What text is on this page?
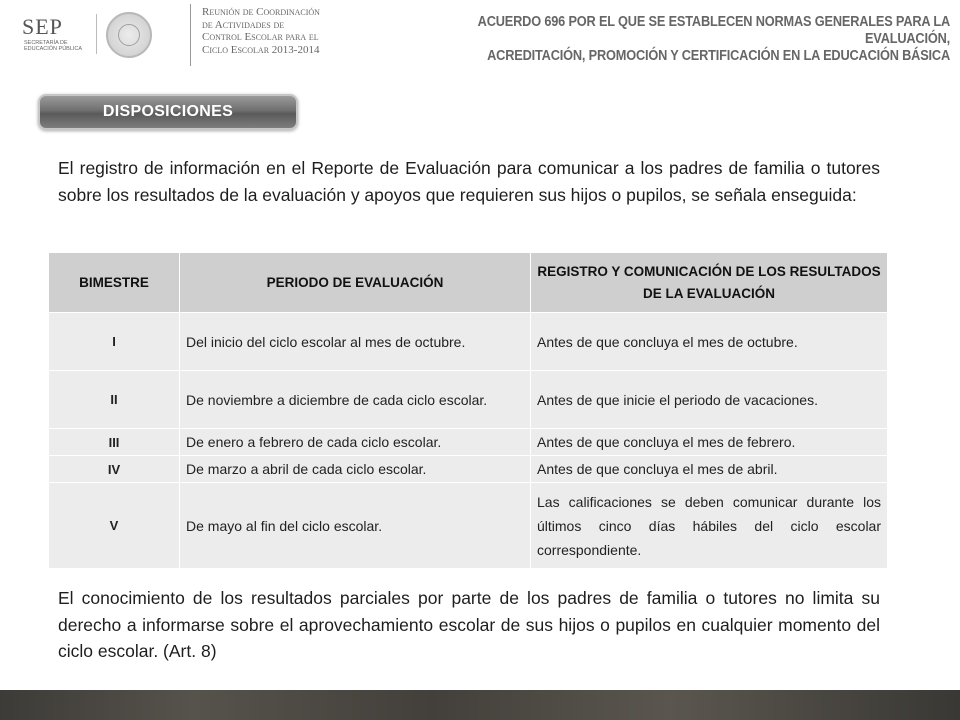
SEP
SECRETARÍA DE EDUCACIÓN PÚBLICA
Reunión de Coordinación
de Actividades de
Control Escolar para el
Ciclo Escolar 2013-2014
ACUERDO 696 POR EL QUE SE ESTABLECEN NORMAS GENERALES PARA LA EVALUACIÓN,
ACREDITACIÓN, PROMOCIÓN Y CERTIFICACIÓN EN LA EDUCACIÓN BÁSICA
DISPOSICIONES

El registro de información en el Reporte de Evaluación para comunicar a los padres de familia o tutores sobre los resultados de la evaluación y apoyos que requieren sus hijos o pupilos, se señala enseguida:

BIMESTRE	PERIODO DE EVALUACIÓN	REGISTRO Y COMUNICACIÓN DE LOS RESULTADOS DE LA EVALUACIÓN
I	Del inicio del ciclo escolar al mes de octubre.	Antes de que concluya el mes de octubre.
II	De noviembre a diciembre de cada ciclo escolar.	Antes de que inicie el periodo de vacaciones.
III	De enero a febrero de cada ciclo escolar.	Antes de que concluya el mes de febrero.
IV	De marzo a abril de cada ciclo escolar.	Antes de que concluya el mes de abril.
V	De mayo al fin del ciclo escolar.	Las calificaciones se deben comunicar durante los últimos cinco días hábiles del ciclo escolar correspondiente.

El conocimiento de los resultados parciales por parte de los padres de familia o tutores no limita su derecho a informarse sobre el aprovechamiento escolar de sus hijos o pupilos en cualquier momento del ciclo escolar. (Art. 8)
